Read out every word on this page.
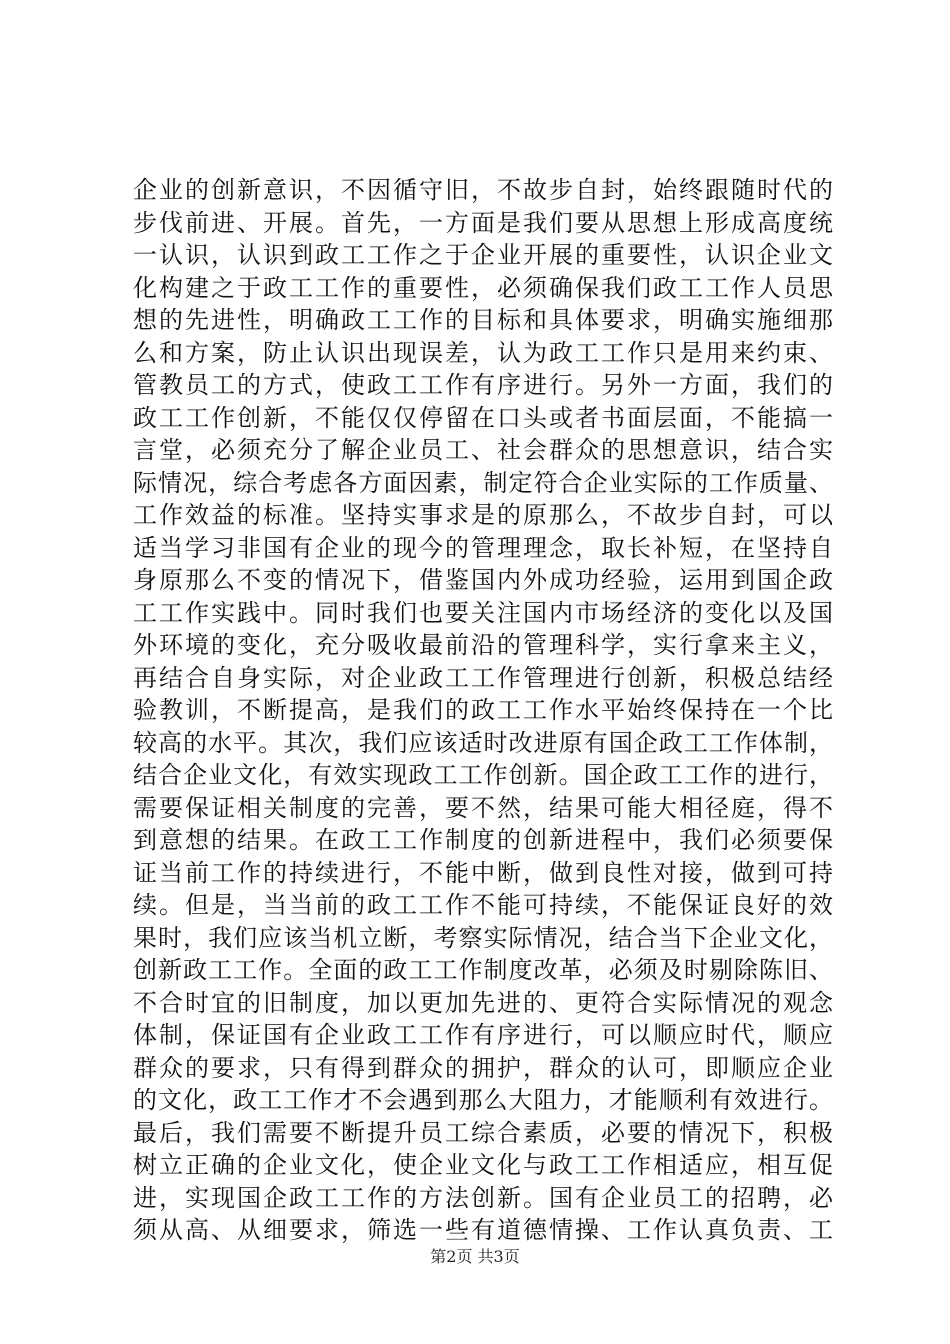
企业的创新意识，不因循守旧，不故步自封，始终跟随时代的
步伐前进、开展。首先，一方面是我们要从思想上形成高度统
一认识，认识到政工工作之于企业开展的重要性，认识企业文
化构建之于政工工作的重要性，必须确保我们政工工作人员思
想的先进性，明确政工工作的目标和具体要求，明确实施细那
么和方案，防止认识出现误差，认为政工工作只是用来约束、
管教员工的方式，使政工工作有序进行。另外一方面，我们的
政工工作创新，不能仅仅停留在口头或者书面层面，不能搞一
言堂，必须充分了解企业员工、社会群众的思想意识，结合实
际情况，综合考虑各方面因素，制定符合企业实际的工作质量、
工作效益的标准。坚持实事求是的原那么，不故步自封，可以
适当学习非国有企业的现今的管理理念，取长补短，在坚持自
身原那么不变的情况下，借鉴国内外成功经验，运用到国企政
工工作实践中。同时我们也要关注国内市场经济的变化以及国
外环境的变化，充分吸收最前沿的管理科学，实行拿来主义，
再结合自身实际，对企业政工工作管理进行创新，积极总结经
验教训，不断提高，是我们的政工工作水平始终保持在一个比
较高的水平。其次，我们应该适时改进原有国企政工工作体制，
结合企业文化，有效实现政工工作创新。国企政工工作的进行，
需要保证相关制度的完善，要不然，结果可能大相径庭，得不
到意想的结果。在政工工作制度的创新进程中，我们必须要保
证当前工作的持续进行，不能中断，做到良性对接，做到可持
续。但是，当当前的政工工作不能可持续，不能保证良好的效
果时，我们应该当机立断，考察实际情况，结合当下企业文化，
创新政工工作。全面的政工工作制度改革，必须及时剔除陈旧、
不合时宜的旧制度，加以更加先进的、更符合实际情况的观念
体制，保证国有企业政工工作有序进行，可以顺应时代，顺应
群众的要求，只有得到群众的拥护，群众的认可，即顺应企业
的文化，政工工作才不会遇到那么大阻力，才能顺利有效进行。
最后，我们需要不断提升员工综合素质，必要的情况下，积极
树立正确的企业文化，使企业文化与政工工作相适应，相互促
进，实现国企政工工作的方法创新。国有企业员工的招聘，必
须从高、从细要求，筛选一些有道德情操、工作认真负责、工
第2页 共3页
